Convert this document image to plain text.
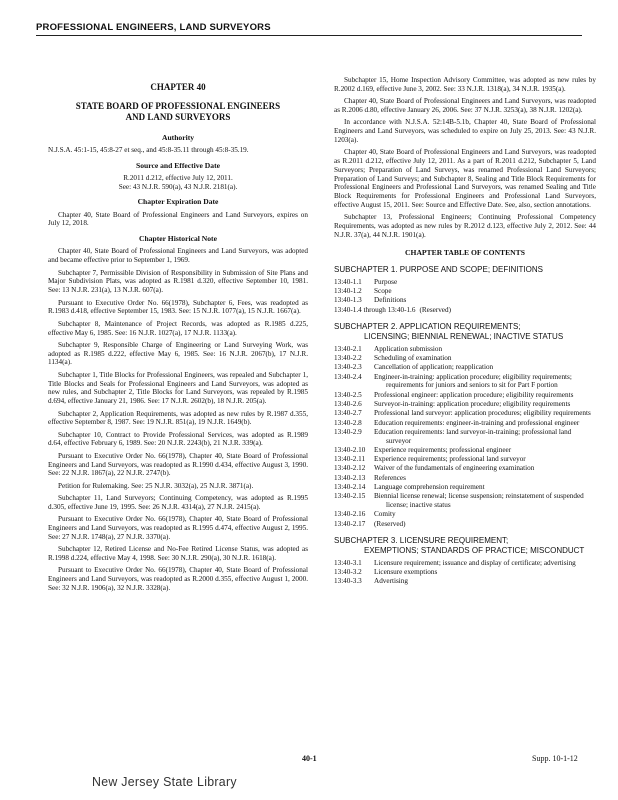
PROFESSIONAL ENGINEERS, LAND SURVEYORS
CHAPTER 40
STATE BOARD OF PROFESSIONAL ENGINEERS
AND LAND SURVEYORS
Authority
N.J.S.A. 45:1-15, 45:8-27 et seq., and 45:8-35.11 through 45:8-35.19.
Source and Effective Date
R.2011 d.212, effective July 12, 2011.
See: 43 N.J.R. 590(a), 43 N.J.R. 2181(a).
Chapter Expiration Date
Chapter 40, State Board of Professional Engineers and Land Surveyors, expires on July 12, 2018.
Chapter Historical Note
Chapter 40, State Board of Professional Engineers and Land Surveyors, was adopted and became effective prior to September 1, 1969.
Subchapter 7, Permissible Division of Responsibility in Submission of Site Plans and Major Subdivision Plats, was adopted as R.1981 d.320, effective September 10, 1981. See: 13 N.J.R. 231(a), 13 N.J.R. 607(a).
Pursuant to Executive Order No. 66(1978), Subchapter 6, Fees, was readopted as R.1983 d.418, effective September 15, 1983. See: 15 N.J.R. 1077(a), 15 N.J.R. 1667(a).
Subchapter 8, Maintenance of Project Records, was adopted as R.1985 d.225, effective May 6, 1985. See: 16 N.J.R. 1027(a), 17 N.J.R. 1133(a).
Subchapter 9, Responsible Charge of Engineering or Land Surveying Work, was adopted as R.1985 d.222, effective May 6, 1985. See: 16 N.J.R. 2067(b), 17 N.J.R. 1134(a).
Subchapter 1, Title Blocks for Professional Engineers, was repealed and Subchapter 1, Title Blocks and Seals for Professional Engineers and Land Surveyors, was adopted as new rules, and Subchapter 2, Title Blocks for Land Surveyors, was repealed by R.1985 d.694, effective January 21, 1986. See: 17 N.J.R. 2602(b), 18 N.J.R. 205(a).
Subchapter 2, Application Requirements, was adopted as new rules by R.1987 d.355, effective September 8, 1987. See: 19 N.J.R. 851(a), 19 N.J.R. 1649(b).
Subchapter 10, Contract to Provide Professional Services, was adopted as R.1989 d.64, effective February 6, 1989. See: 20 N.J.R. 2243(b), 21 N.J.R. 339(a).
Pursuant to Executive Order No. 66(1978), Chapter 40, State Board of Professional Engineers and Land Surveyors, was readopted as R.1990 d.434, effective August 3, 1990. See: 22 N.J.R. 1867(a), 22 N.J.R. 2747(b).
Petition for Rulemaking. See: 25 N.J.R. 3032(a), 25 N.J.R. 3871(a).
Subchapter 11, Land Surveyors; Continuing Competency, was adopted as R.1995 d.305, effective June 19, 1995. See: 26 N.J.R. 4314(a), 27 N.J.R. 2415(a).
Pursuant to Executive Order No. 66(1978), Chapter 40, State Board of Professional Engineers and Land Surveyors, was readopted as R.1995 d.474, effective August 2, 1995. See: 27 N.J.R. 1748(a), 27 N.J.R. 3370(a).
Subchapter 12, Retired License and No-Fee Retired License Status, was adopted as R.1998 d.224, effective May 4, 1998. See: 30 N.J.R. 290(a), 30 N.J.R. 1618(a).
Pursuant to Executive Order No. 66(1978), Chapter 40, State Board of Professional Engineers and Land Surveyors, was readopted as R.2000 d.355, effective August 1, 2000. See: 32 N.J.R. 1906(a), 32 N.J.R. 3328(a).
Subchapter 15, Home Inspection Advisory Committee, was adopted as new rules by R.2002 d.169, effective June 3, 2002. See: 33 N.J.R. 1318(a), 34 N.J.R. 1935(a).
Chapter 40, State Board of Professional Engineers and Land Surveyors, was readopted as R.2006 d.80, effective January 26, 2006. See: 37 N.J.R. 3253(a), 38 N.J.R. 1202(a).
In accordance with N.J.S.A. 52:14B-5.1b, Chapter 40, State Board of Professional Engineers and Land Surveyors, was scheduled to expire on July 25, 2013. See: 43 N.J.R. 1203(a).
Chapter 40, State Board of Professional Engineers and Land Surveyors, was readopted as R.2011 d.212, effective July 12, 2011. As a part of R.2011 d.212, Subchapter 5, Land Surveyors; Preparation of Land Surveys, was renamed Professional Land Surveyors; Preparation of Land Surveys; and Subchapter 8, Sealing and Title Block Requirements for Professional Engineers and Professional Land Surveyors, was renamed Sealing and Title Block Requirements for Professional Engineers and Professional Land Surveyors, effective August 15, 2011. See: Source and Effective Date. See, also, section annotations.
Subchapter 13, Professional Engineers; Continuing Professional Competency Requirements, was adopted as new rules by R.2012 d.123, effective July 2, 2012. See: 44 N.J.R. 37(a), 44 N.J.R. 1901(a).
CHAPTER TABLE OF CONTENTS
SUBCHAPTER 1. PURPOSE AND SCOPE; DEFINITIONS
13:40-1.1	Purpose
13:40-1.2	Scope
13:40-1.3	Definitions
13:40-1.4 through 13:40-1.6 (Reserved)
SUBCHAPTER 2. APPLICATION REQUIREMENTS;
LICENSING; BIENNIAL RENEWAL; INACTIVE STATUS
13:40-2.1	Application submission
13:40-2.2	Scheduling of examination
13:40-2.3	Cancellation of application; reapplication
13:40-2.4	Engineer-in-training: application procedure; eligibility requirements; requirements for juniors and seniors to sit for Part F portion
13:40-2.5	Professional engineer: application procedure; eligibility requirements
13:40-2.6	Surveyor-in-training: application procedure; eligibility requirements
13:40-2.7	Professional land surveyor: application procedures; eligibility requirements
13:40-2.8	Education requirements: engineer-in-training and professional engineer
13:40-2.9	Education requirements: land surveyor-in-training; professional land surveyor
13:40-2.10	Experience requirements; professional engineer
13:40-2.11	Experience requirements; professional land surveyor
13:40-2.12	Waiver of the fundamentals of engineering examination
13:40-2.13	References
13:40-2.14	Language comprehension requirement
13:40-2.15	Biennial license renewal; license suspension; reinstatement of suspended license; inactive status
13:40-2.16	Comity
13:40-2.17	(Reserved)
SUBCHAPTER 3. LICENSURE REQUIREMENT;
EXEMPTIONS; STANDARDS OF PRACTICE; MISCONDUCT
13:40-3.1	Licensure requirement; issuance and display of certificate; advertising
13:40-3.2	Licensure exemptions
13:40-3.3	Advertising
40-1	Supp. 10-1-12
New Jersey State Library
